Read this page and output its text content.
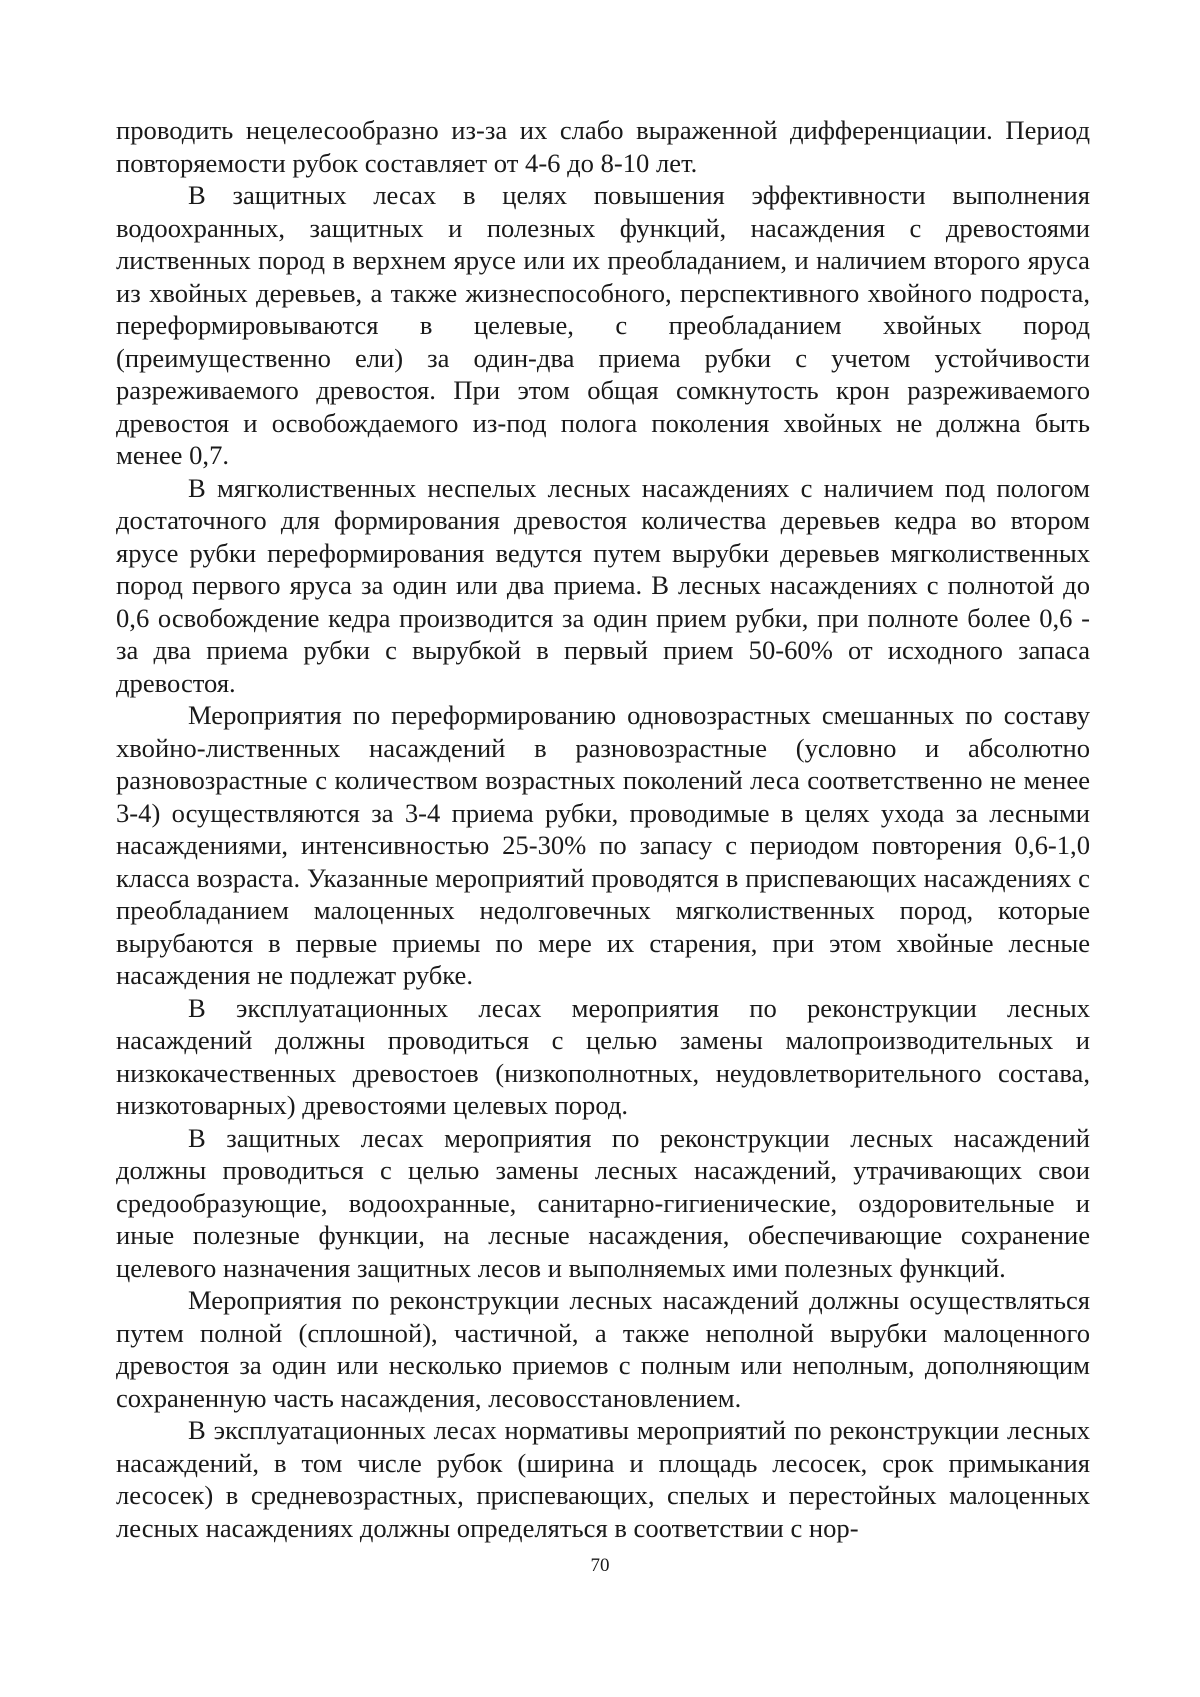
проводить нецелесообразно из-за их слабо выраженной дифференциации. Период повторяемости рубок составляет от 4-6 до 8-10 лет.

В защитных лесах в целях повышения эффективности выполнения водоохранных, защитных и полезных функций, насаждения с древостоями лиственных пород в верхнем ярусе или их преобладанием, и наличием второго яруса из хвойных деревьев, а также жизнеспособного, перспективного хвойного подроста, переформировываются в целевые, с преобладанием хвойных пород (преимущественно ели) за один-два приема рубки с учетом устойчивости разреживаемого древостоя. При этом общая сомкнутость крон разреживаемого древостоя и освобождаемого из-под полога поколения хвойных не должна быть менее 0,7.

В мягколиственных неспелых лесных насаждениях с наличием под пологом достаточного для формирования древостоя количества деревьев кедра во втором ярусе рубки переформирования ведутся путем вырубки деревьев мягколиственных пород первого яруса за один или два приема. В лесных насаждениях с полнотой до 0,6 освобождение кедра производится за один прием рубки, при полноте более 0,6 - за два приема рубки с вырубкой в первый прием 50-60% от исходного запаса древостоя.

Мероприятия по переформированию одновозрастных смешанных по составу хвойно-лиственных насаждений в разновозрастные (условно и абсолютно разновозрастные с количеством возрастных поколений леса соответственно не менее 3-4) осуществляются за 3-4 приема рубки, проводимые в целях ухода за лесными насаждениями, интенсивностью 25-30% по запасу с периодом повторения 0,6-1,0 класса возраста. Указанные мероприятий проводятся в приспевающих насаждениях с преобладанием малоценных недолговечных мягколиственных пород, которые вырубаются в первые приемы по мере их старения, при этом хвойные лесные насаждения не подлежат рубке.

В эксплуатационных лесах мероприятия по реконструкции лесных насаждений должны проводиться с целью замены малопроизводительных и низкокачественных древостоев (низкополнотных, неудовлетворительного состава, низкотоварных) древостоями целевых пород.

В защитных лесах мероприятия по реконструкции лесных насаждений должны проводиться с целью замены лесных насаждений, утрачивающих свои средообразующие, водоохранные, санитарно-гигиенические, оздоровительные и иные полезные функции, на лесные насаждения, обеспечивающие сохранение целевого назначения защитных лесов и выполняемых ими полезных функций.

Мероприятия по реконструкции лесных насаждений должны осуществляться путем полной (сплошной), частичной, а также неполной вырубки малоценного древостоя за один или несколько приемов с полным или неполным, дополняющим сохраненную часть насаждения, лесовосстановлением.

В эксплуатационных лесах нормативы мероприятий по реконструкции лесных насаждений, в том числе рубок (ширина и площадь лесосек, срок примыкания лесосек) в средневозрастных, приспевающих, спелых и перестойных малоценных лесных насаждениях должны определяться в соответствии с нор-

70
